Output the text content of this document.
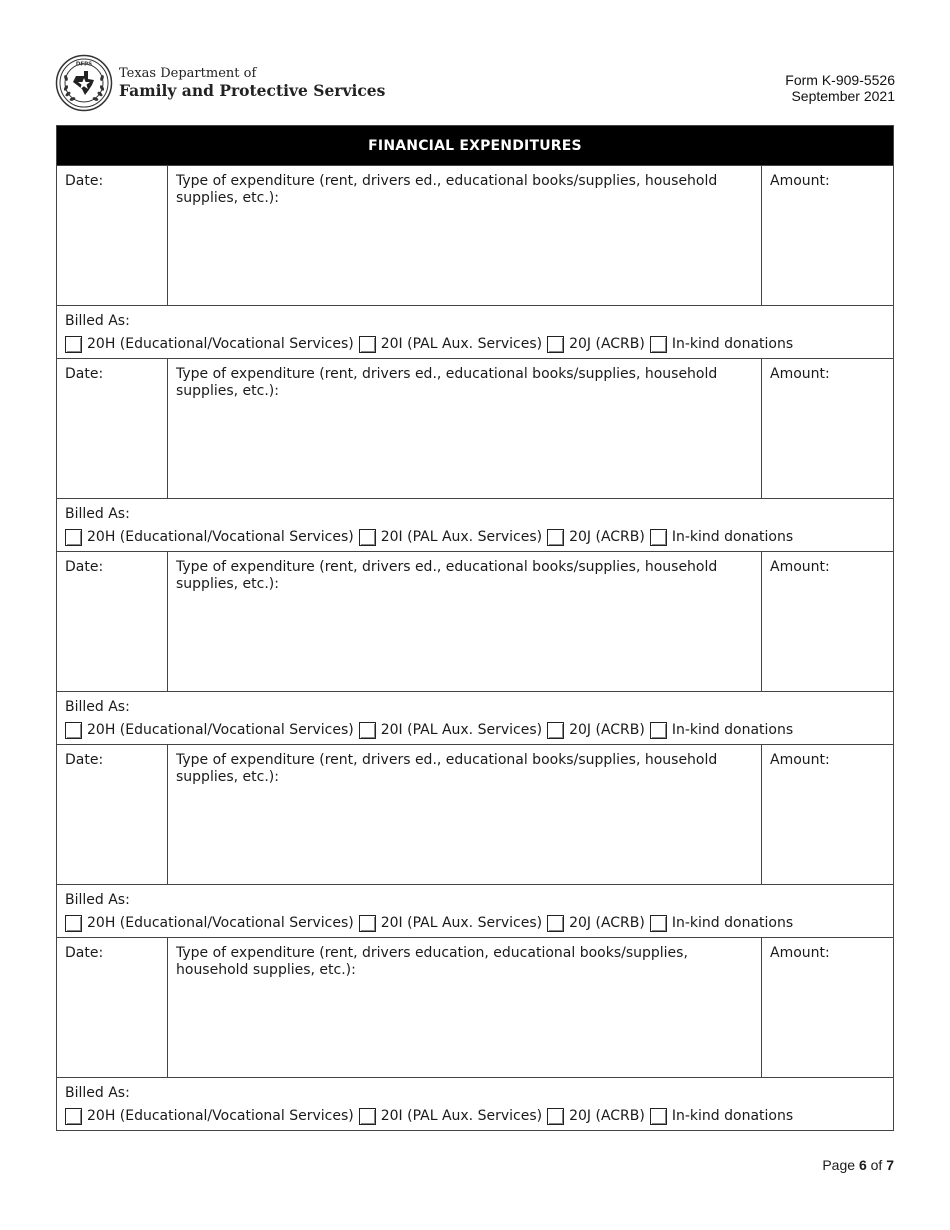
DFPS
Texas Department of
Family and Protective Services
Form K-909-5526
September 2021
FINANCIAL EXPENDITURES
Date:	Type of expenditure (rent, drivers ed., educational books/supplies, household supplies, etc.):
Amount:
Billed As:
20H (Educational/Vocational Services) 20I (PAL Aux. Services) 20J (ACRB) In-kind donations
Date:	Type of expenditure (rent, drivers ed., educational books/supplies, household supplies, etc.):
Amount:
Billed As:
20H (Educational/Vocational Services) 20I (PAL Aux. Services) 20J (ACRB) In-kind donations
Date:	Type of expenditure (rent, drivers ed., educational books/supplies, household supplies, etc.):
Amount:
Billed As:
20H (Educational/Vocational Services) 20I (PAL Aux. Services) 20J (ACRB) In-kind donations
Date:	Type of expenditure (rent, drivers ed., educational books/supplies, household supplies, etc.):
Amount:
Billed As:
20H (Educational/Vocational Services) 20I (PAL Aux. Services) 20J (ACRB) In-kind donations
Date:	Type of expenditure (rent, drivers education, educational books/supplies, household supplies, etc.):
Amount:
Billed As:
20H (Educational/Vocational Services) 20I (PAL Aux. Services) 20J (ACRB) In-kind donations
Page 6 of 7
